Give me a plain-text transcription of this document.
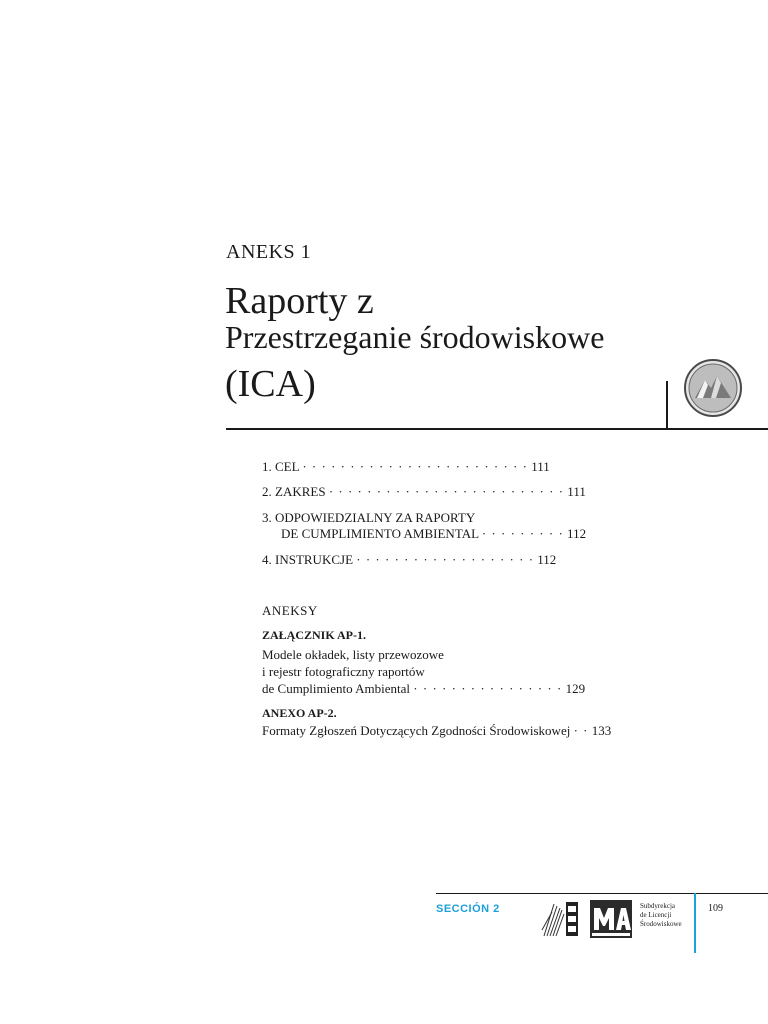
ANEKS 1
Raporty z
Przestrzeganie środowiskowe
(ICA)
1. CEL · · · · · · · · · · · · · · · · · · · · · · · · 111
2. ZAKRES · · · · · · · · · · · · · · · · · · · · · · · · · 111
3. ODPOWIEDZIALNY ZA RAPORTY
DE CUMPLIMIENTO AMBIENTAL · · · · · · · · · 112
4. INSTRUKCJE · · · · · · · · · · · · · · · · · · · 112
ANEKSY
ZAŁĄCZNIK AP-1.
Modele okładek, listy przewozowe
i rejestr fotograficzny raportów
de Cumplimiento Ambiental · · · · · · · · · · · · · · · · 129
ANEXO AP-2.
Formaty Zgłoszeń Dotyczących Zgodności Środowiskowej · · 133
SECCIÓN 2	Subdyrekcja
de Licencji
Środowiskowe
109
